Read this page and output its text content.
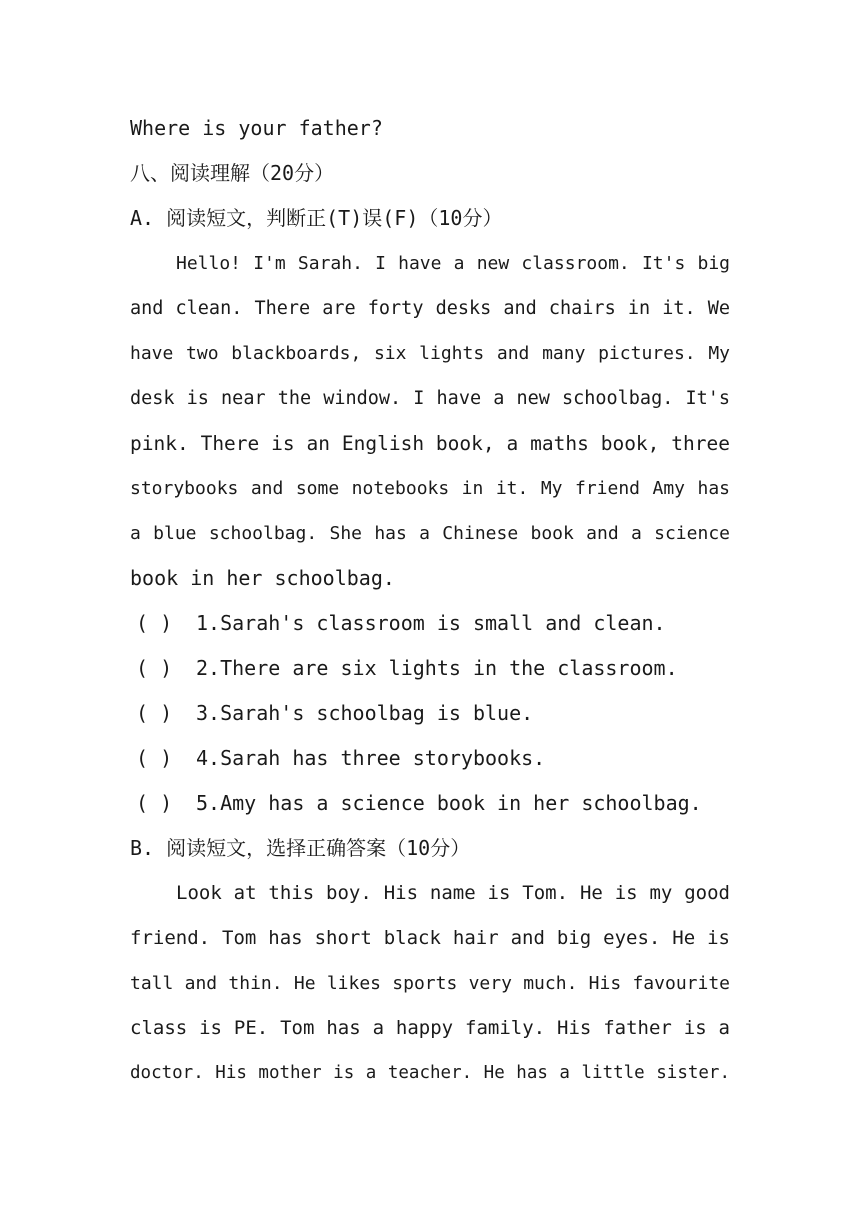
Where is your father?
八、阅读理解（20分）
A. 阅读短文，判断正(T)误(F)（10分）
Hello! I'm Sarah. I have a new classroom. It's big
and clean. There are forty desks and chairs in it. We
have two blackboards, six lights and many pictures. My
desk is near the window. I have a new schoolbag. It's
pink. There is an English book, a maths book, three
storybooks and some notebooks in it. My friend Amy has
a blue schoolbag. She has a Chinese book and a science
book in her schoolbag.
( ) 1.Sarah's classroom is small and clean.
( ) 2.There are six lights in the classroom.
( ) 3.Sarah's schoolbag is blue.
( ) 4.Sarah has three storybooks.
( ) 5.Amy has a science book in her schoolbag.
B. 阅读短文，选择正确答案（10分）
Look at this boy. His name is Tom. He is my good
friend. Tom has short black hair and big eyes. He is
tall and thin. He likes sports very much. His favourite
class is PE. Tom has a happy family. His father is a
doctor. His mother is a teacher. He has a little sister.
